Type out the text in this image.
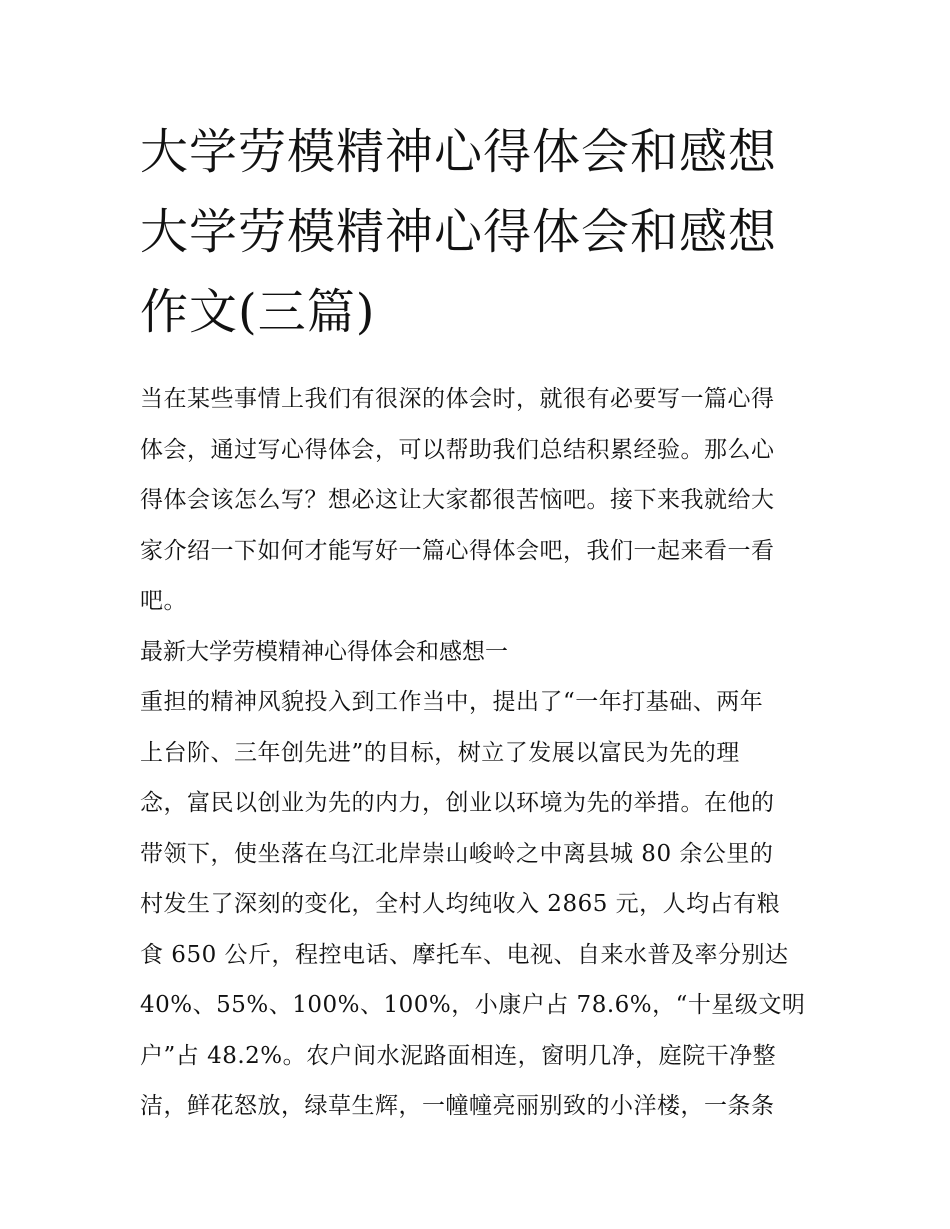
大学劳模精神心得体会和感想
大学劳模精神心得体会和感想
作文(三篇)
当在某些事情上我们有很深的体会时，就很有必要写一篇心得
体会，通过写心得体会，可以帮助我们总结积累经验。那么心
得体会该怎么写？想必这让大家都很苦恼吧。接下来我就给大
家介绍一下如何才能写好一篇心得体会吧，我们一起来看一看
吧。
最新大学劳模精神心得体会和感想一
重担的精神风貌投入到工作当中，提出了“一年打基础、两年
上台阶、三年创先进”的目标，树立了发展以富民为先的理
念，富民以创业为先的内力，创业以环境为先的举措。在他的
带领下，使坐落在乌江北岸崇山峻岭之中离县城 80 余公里的
村发生了深刻的变化，全村人均纯收入 2865 元，人均占有粮
食 650 公斤，程控电话、摩托车、电视、自来水普及率分别达
40%、55%、100%、100%，小康户占 78.6%，“十星级文明
户”占 48.2%。农户间水泥路面相连，窗明几净，庭院干净整
洁，鲜花怒放，绿草生辉，一幢幢亮丽别致的小洋楼，一条条
